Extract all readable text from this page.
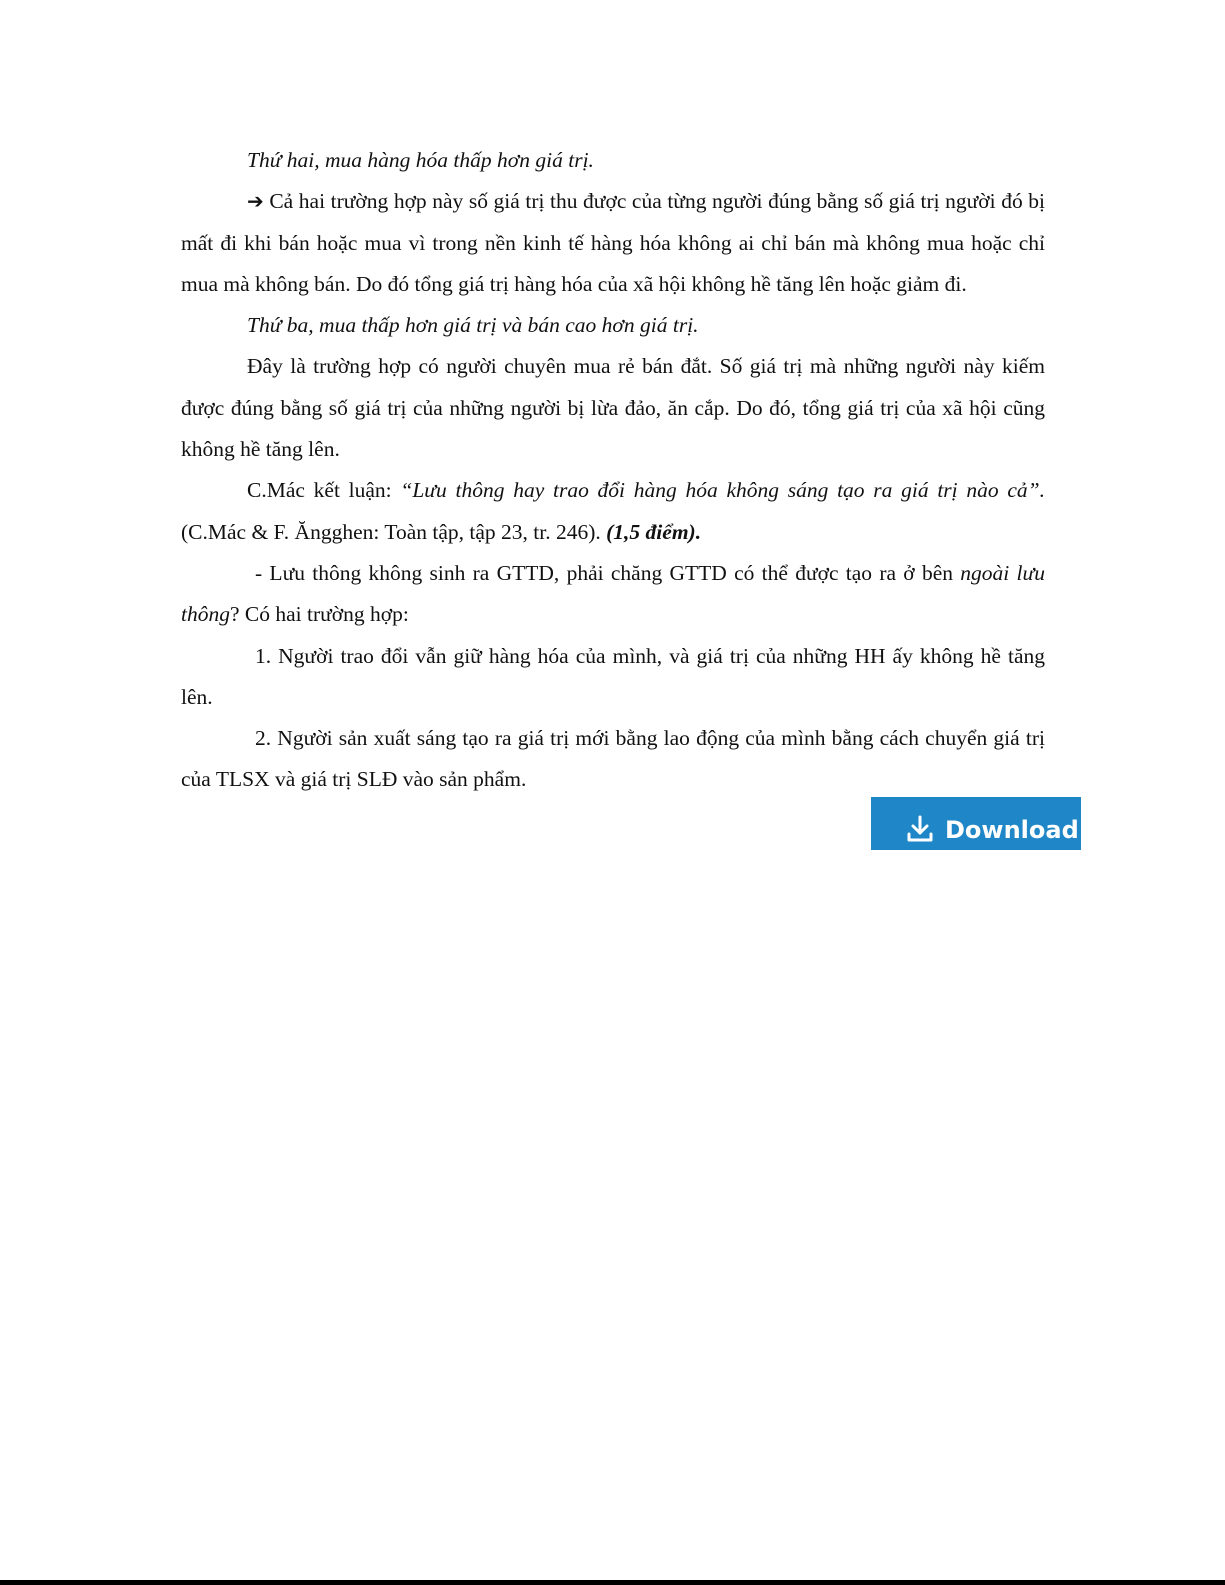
Thứ hai, mua hàng hóa thấp hơn giá trị.

➔ Cả hai trường hợp này số giá trị thu được của từng người đúng bằng số giá trị người đó bị mất đi khi bán hoặc mua vì trong nền kinh tế hàng hóa không ai chỉ bán mà không mua hoặc chỉ mua mà không bán. Do đó tổng giá trị hàng hóa của xã hội không hề tăng lên hoặc giảm đi.

Thứ ba, mua thấp hơn giá trị và bán cao hơn giá trị.

Đây là trường hợp có người chuyên mua rẻ bán đắt. Số giá trị mà những người này kiếm được đúng bằng số giá trị của những người bị lừa đảo, ăn cắp. Do đó, tổng giá trị của xã hội cũng không hề tăng lên.

C.Mác kết luận: “Lưu thông hay trao đổi hàng hóa không sáng tạo ra giá trị nào cả”. (C.Mác & F. Ăngghen: Toàn tập, tập 23, tr. 246). (1,5 điểm).

- Lưu thông không sinh ra GTTD, phải chăng GTTD có thể được tạo ra ở bên ngoài lưu thông? Có hai trường hợp:

1. Người trao đổi vẫn giữ hàng hóa của mình, và giá trị của những HH ấy không hề tăng lên.

2. Người sản xuất sáng tạo ra giá trị mới bằng lao động của mình bằng cách chuyển giá trị của TLSX và giá trị SLĐ vào sản phẩm.

Download r
